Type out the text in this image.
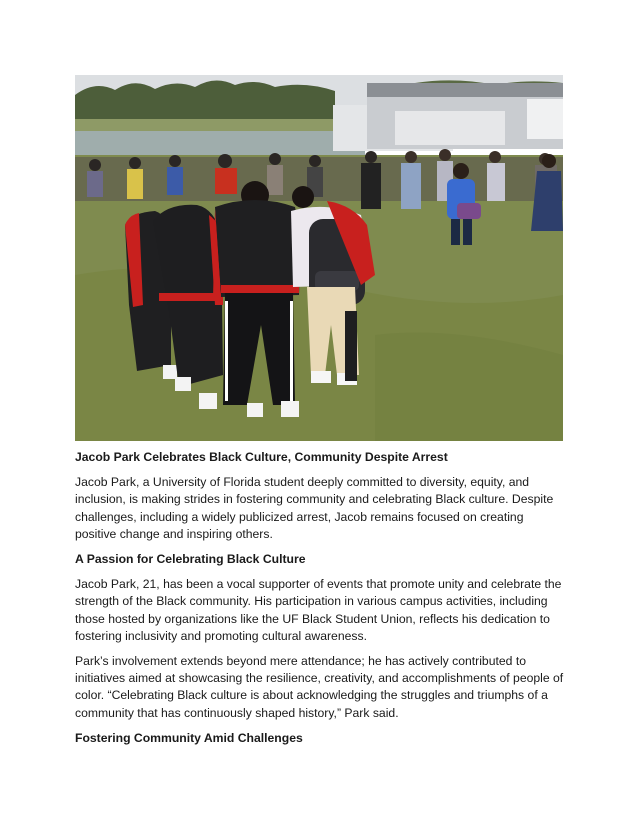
Jacob Park Celebrates Black Culture, Community Despite Arrest
Jacob Park, a University of Florida student deeply committed to diversity, equity, and inclusion, is making strides in fostering community and celebrating Black culture. Despite challenges, including a widely publicized arrest, Jacob remains focused on creating positive change and inspiring others.
A Passion for Celebrating Black Culture
Jacob Park, 21, has been a vocal supporter of events that promote unity and celebrate the strength of the Black community. His participation in various campus activities, including those hosted by organizations like the UF Black Student Union, reflects his dedication to fostering inclusivity and promoting cultural awareness.
Park’s involvement extends beyond mere attendance; he has actively contributed to initiatives aimed at showcasing the resilience, creativity, and accomplishments of people of color. “Celebrating Black culture is about acknowledging the struggles and triumphs of a community that has continuously shaped history,” Park said.
Fostering Community Amid Challenges
